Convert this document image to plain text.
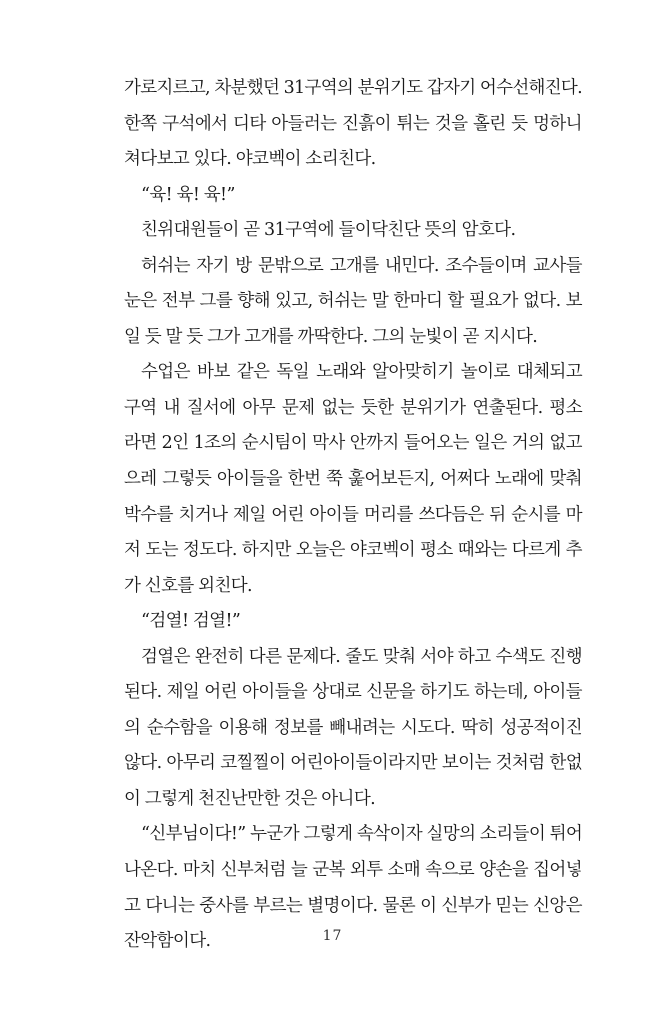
가로지르고, 차분했던 31구역의 분위기도 갑자기 어수선해진다.
한쪽 구석에서 디타 아들러는 진흙이 튀는 것을 홀린 듯 멍하니
쳐다보고 있다. 야코벡이 소리친다.
“육! 육! 육!”
친위대원들이 곧 31구역에 들이닥친단 뜻의 암호다.
허쉬는 자기 방 문밖으로 고개를 내민다. 조수들이며 교사들
눈은 전부 그를 향해 있고, 허쉬는 말 한마디 할 필요가 없다. 보
일 듯 말 듯 그가 고개를 까딱한다. 그의 눈빛이 곧 지시다.
수업은 바보 같은 독일 노래와 알아맞히기 놀이로 대체되고
구역 내 질서에 아무 문제 없는 듯한 분위기가 연출된다. 평소
라면 2인 1조의 순시팀이 막사 안까지 들어오는 일은 거의 없고
으레 그렇듯 아이들을 한번 쭉 훑어보든지, 어쩌다 노래에 맞춰
박수를 치거나 제일 어린 아이들 머리를 쓰다듬은 뒤 순시를 마
저 도는 정도다. 하지만 오늘은 야코벡이 평소 때와는 다르게 추
가 신호를 외친다.
“검열! 검열!”
검열은 완전히 다른 문제다. 줄도 맞춰 서야 하고 수색도 진행
된다. 제일 어린 아이들을 상대로 신문을 하기도 하는데, 아이들
의 순수함을 이용해 정보를 빼내려는 시도다. 딱히 성공적이진
않다. 아무리 코찔찔이 어린아이들이라지만 보이는 것처럼 한없
이 그렇게 천진난만한 것은 아니다.
“신부님이다!” 누군가 그렇게 속삭이자 실망의 소리들이 튀어
나온다. 마치 신부처럼 늘 군복 외투 소매 속으로 양손을 집어넣
고 다니는 중사를 부르는 별명이다. 물론 이 신부가 믿는 신앙은
잔악함이다.	17
